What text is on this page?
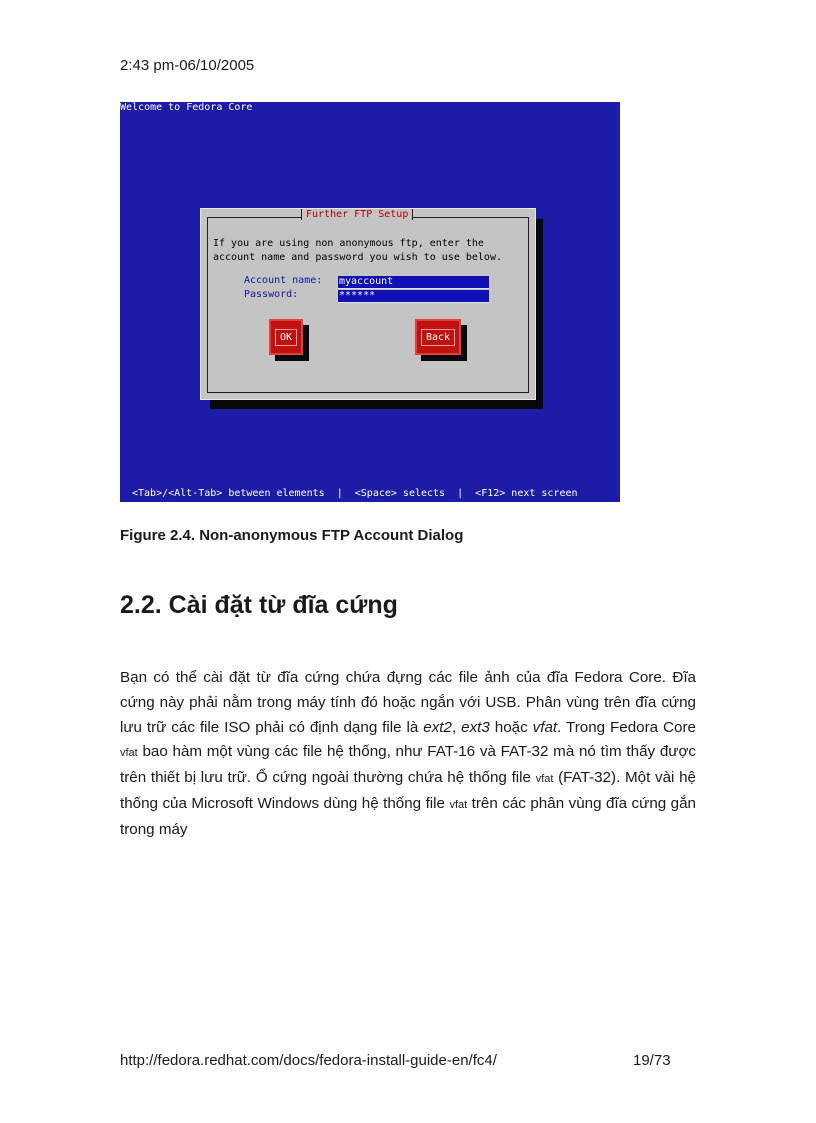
2:43 pm-06/10/2005
Welcome to Fedora Core
Further FTP Setup
If you are using non anonymous ftp, enter the
account name and password you wish to use below.
Account name: myaccount
Password:	******
OK	Back
<Tab>/<Alt-Tab> between elements  |  <Space> selects  |  <F12> next screen
Figure 2.4. Non-anonymous FTP Account Dialog
2.2. Cài đặt từ đĩa cứng
Bạn có thể cài đặt từ đĩa cứng chứa đựng các file ảnh của đĩa Fedora Core. Đĩa cứng này phải nằm trong máy tính đó hoặc ngắn với USB. Phân vùng trên đĩa cứng lưu trữ các file ISO phải có định dạng file là ext2, ext3 hoặc vfat. Trong Fedora Core vfat bao hàm một vùng các file hệ thống, như FAT-16 và FAT-32 mà nó tìm thấy được trên thiết bị lưu trữ. Ổ cứng ngoài thường chứa hệ thống file vfat (FAT-32). Một vài hệ thống của Microsoft Windows dùng hệ thống file vfat trên các phân vùng đĩa cứng gắn trong máy
http://fedora.redhat.com/docs/fedora-install-guide-en/fc4/	19/73
